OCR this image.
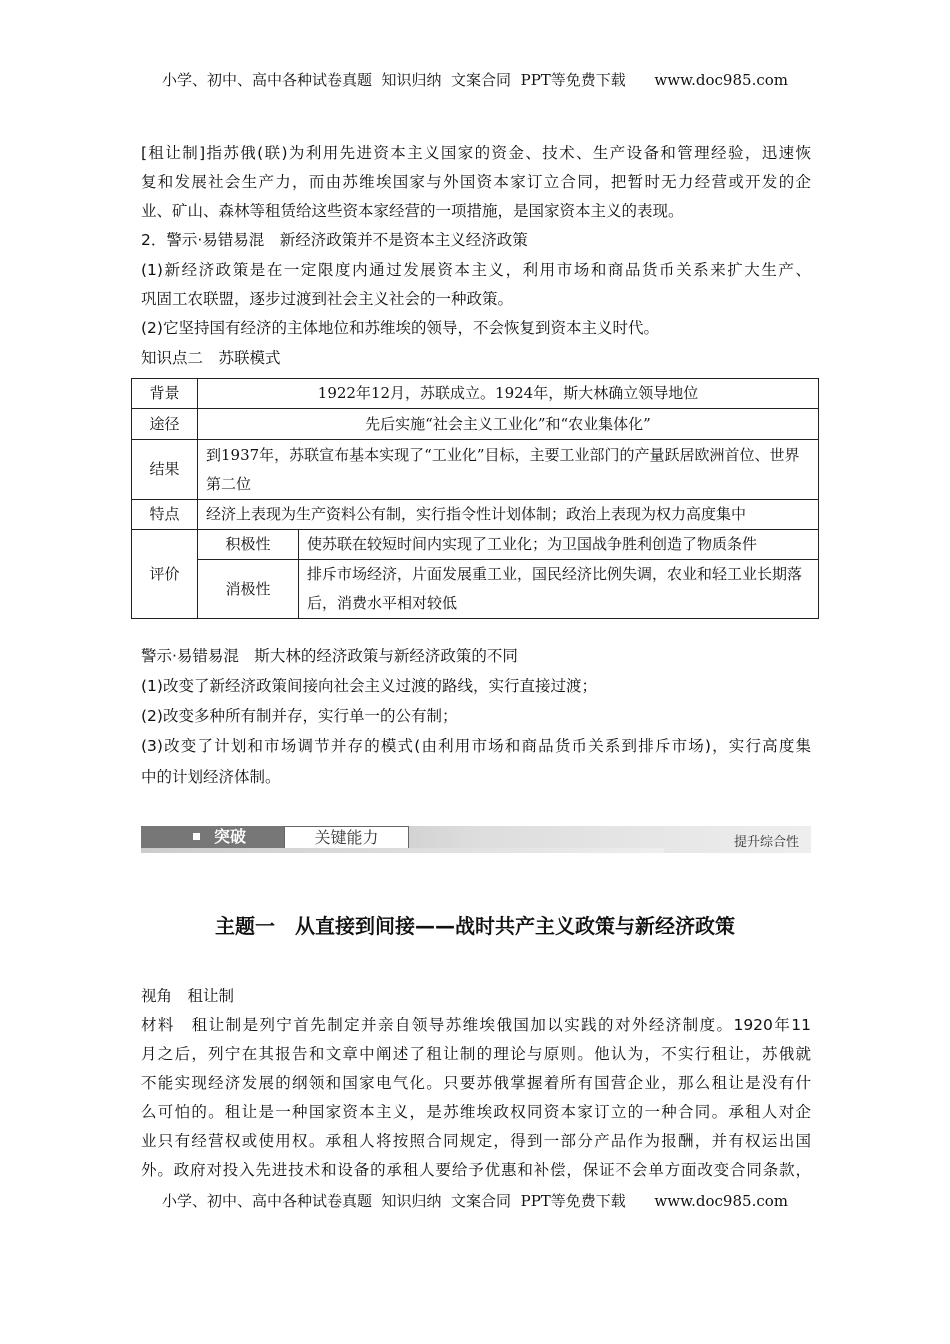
小学、初中、高中各种试卷真题  知识归纳  文案合同  PPT等免费下载      www.doc985.com
[租让制]指苏俄(联)为利用先进资本主义国家的资金、技术、生产设备和管理经验，迅速恢
复和发展社会生产力，而由苏维埃国家与外国资本家订立合同，把暂时无力经营或开发的企
业、矿山、森林等租赁给这些资本家经营的一项措施，是国家资本主义的表现。
2．警示·易错易混　新经济政策并不是资本主义经济政策
(1)新经济政策是在一定限度内通过发展资本主义，利用市场和商品货币关系来扩大生产、
巩固工农联盟，逐步过渡到社会主义社会的一种政策。
(2)它坚持国有经济的主体地位和苏维埃的领导，不会恢复到资本主义时代。
知识点二　苏联模式
背景	1922年12月，苏联成立。1924年，斯大林确立领导地位	
途径	先后实施“社会主义工业化”和“农业集体化”	
结果	到1937年，苏联宣布基本实现了“工业化”目标，主要工业部门的产量跃居欧洲首位、世界第二位	
特点	经济上表现为生产资料公有制，实行指令性计划体制；政治上表现为权力高度集中	
评价	积极性	使苏联在较短时间内实现了工业化；为卫国战争胜利创造了物质条件
	消极性	排斥市场经济，片面发展重工业，国民经济比例失调，农业和轻工业长期落后，消费水平相对较低
警示·易错易混　斯大林的经济政策与新经济政策的不同
(1)改变了新经济政策间接向社会主义过渡的路线，实行直接过渡；
(2)改变多种所有制并存，实行单一的公有制；
(3)改变了计划和市场调节并存的模式(由利用市场和商品货币关系到排斥市场)，实行高度集
中的计划经济体制。
突破	关键能力	提升综合性
主题一　从直接到间接——战时共产主义政策与新经济政策
视角　租让制
材料　租让制是列宁首先制定并亲自领导苏维埃俄国加以实践的对外经济制度。1920年11
月之后，列宁在其报告和文章中阐述了租让制的理论与原则。他认为，不实行租让，苏俄就
不能实现经济发展的纲领和国家电气化。只要苏俄掌握着所有国营企业，那么租让是没有什
么可怕的。租让是一种国家资本主义，是苏维埃政权同资本家订立的一种合同。承租人对企
业只有经营权或使用权。承租人将按照合同规定，得到一部分产品作为报酬，并有权运出国
外。政府对投入先进技术和设备的承租人要给予优惠和补偿，保证不会单方面改变合同条款，
小学、初中、高中各种试卷真题  知识归纳  文案合同  PPT等免费下载      www.doc985.com
